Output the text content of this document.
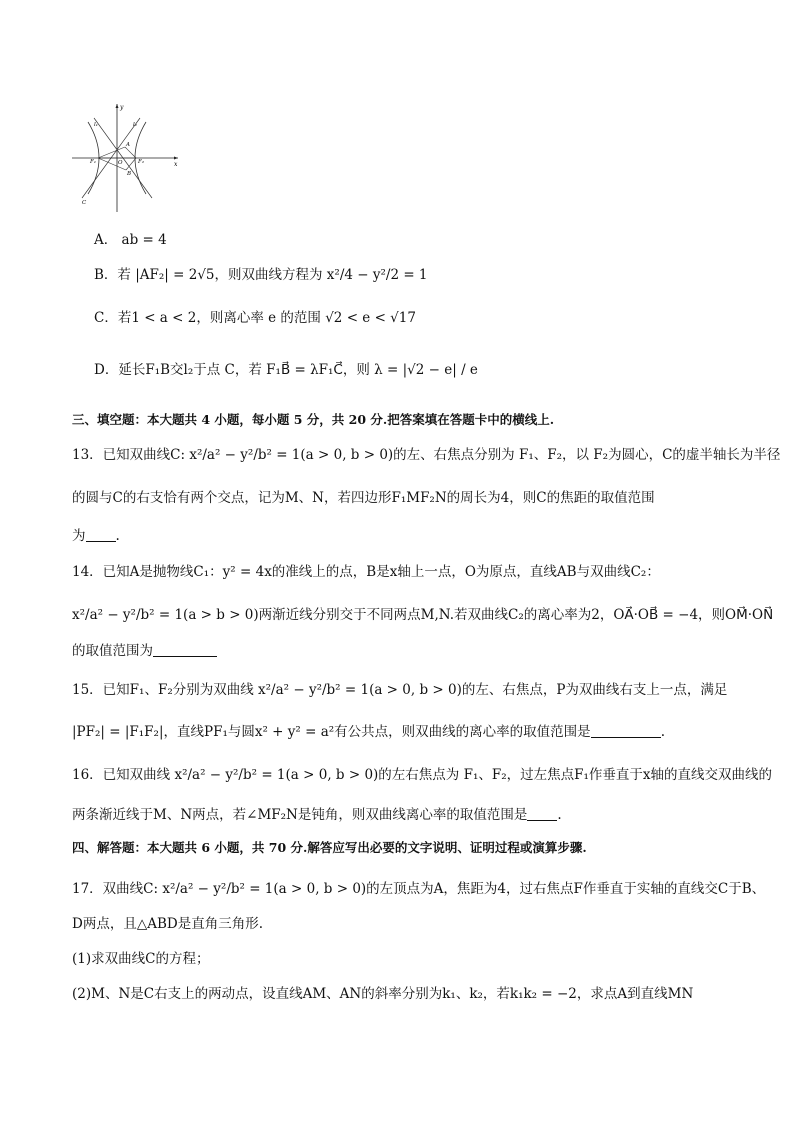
y
x
l₁	l₂
O
F₁	F₂
A
B
C
A． ab = 4
B．若 |AF₂| = 2√5，则双曲线方程为 x²/4 − y²/2 = 1
C．若1 < a < 2，则离心率 e 的范围 √2 < e < √17
D．延长F₁B交l₂于点 C，若 F₁B⃗ = λF₁C⃗，则 λ = |√2 − e| / e
三、填空题：本大题共 4 小题，每小题 5 分，共 20 分.把答案填在答题卡中的横线上.
13．已知双曲线C: x²/a² − y²/b² = 1(a > 0, b > 0)的左、右焦点分别为 F₁、F₂，以 F₂为圆心，C的虚半轴长为半径
的圆与C的右支恰有两个交点，记为M、N，若四边形F₁MF₂N的周长为4，则C的焦距的取值范围
为 .
14．已知A是抛物线C₁：y² = 4x的准线上的点，B是x轴上一点，O为原点，直线AB与双曲线C₂：
x²/a² − y²/b² = 1(a > b > 0)两渐近线分别交于不同两点M,N.若双曲线C₂的离心率为2，OA⃗·OB⃗ = −4，则OM⃗·ON⃗
的取值范围为
15．已知F₁、F₂分别为双曲线 x²/a² − y²/b² = 1(a > 0, b > 0)的左、右焦点，P为双曲线右支上一点，满足
|PF₂| = |F₁F₂|，直线PF₁与圆x² + y² = a²有公共点，则双曲线的离心率的取值范围是	.
16．已知双曲线 x²/a² − y²/b² = 1(a > 0, b > 0)的左右焦点为 F₁、F₂，过左焦点F₁作垂直于x轴的直线交双曲线的
两条渐近线于M、N两点，若∠MF₂N是钝角，则双曲线离心率的取值范围是 .
四、解答题：本大题共 6 小题，共 70 分.解答应写出必要的文字说明、证明过程或演算步骤.
17．双曲线C: x²/a² − y²/b² = 1(a > 0, b > 0)的左顶点为A，焦距为4，过右焦点F作垂直于实轴的直线交C于B、
D两点，且△ABD是直角三角形.
(1)求双曲线C的方程；
(2)M、N是C右支上的两动点，设直线AM、AN的斜率分别为k₁、k₂，若k₁k₂ = −2，求点A到直线MN
